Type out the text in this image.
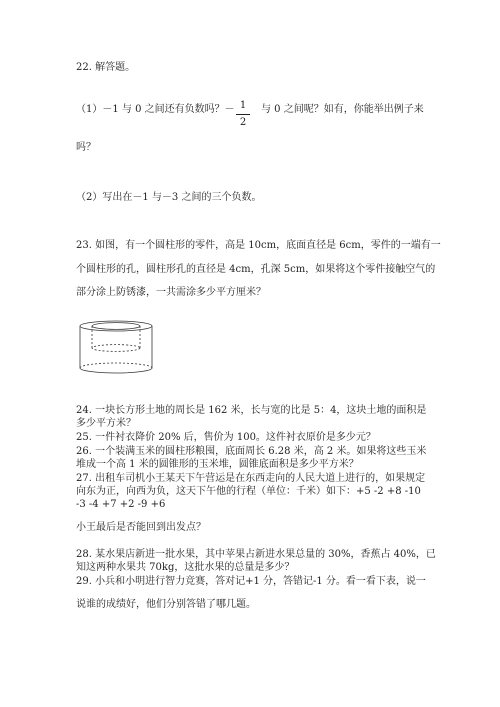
22. 解答题。
（1）－1 与 0 之间还有负数吗？－ 1
2
与 0 之间呢？如有，你能举出例子来
吗？
（2）写出在－1 与－3 之间的三个负数。
23. 如图，有一个圆柱形的零件，高是 10cm，底面直径是 6cm，零件的一端有一
个圆柱形的孔，圆柱形孔的直径是 4cm，孔深 5cm，如果将这个零件接触空气的
部分涂上防锈漆，一共需涂多少平方厘米？
24. 一块长方形土地的周长是 162 米，长与宽的比是 5：4，这块土地的面积是
多少平方米？
25. 一件衬衣降价 20% 后，售价为 100。这件衬衣原价是多少元？
26. 一个装满玉米的圆柱形粮囤，底面周长 6.28 米，高 2 米。如果将这些玉米
堆成一个高 1 米的圆锥形的玉米堆，圆锥底面积是多少平方米？
27. 出租车司机小王某天下午营运是在东西走向的人民大道上进行的，如果规定
向东为正，向西为负，这天下午他的行程（单位：千米）如下：+5 -2 +8 -10
-3 -4 +7 +2 -9 +6
小王最后是否能回到出发点？
28. 某水果店新进一批水果，其中苹果占新进水果总量的 30%，香蕉占 40%，已
知这两种水果共 70kg，这批水果的总量是多少？
29. 小兵和小明进行智力竞赛，答对记+1 分，答错记-1 分。看一看下表，说一
说谁的成绩好，他们分别答错了哪几题。
